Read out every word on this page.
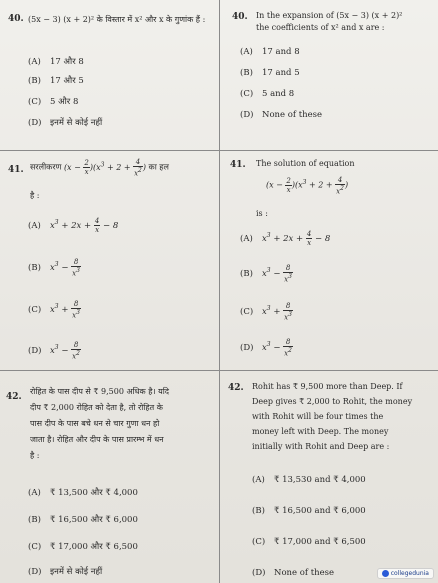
40. (5x − 3) (x + 2)² के विस्तार में x² और x के गुणांक हैं :
(A) 17 और 8
(B) 17 और 5
(C) 5 और 8
(D) इनमें से कोई नहीं
40. In the expansion of (5x − 3) (x + 2)²
the coefficients of x² and x are :
(A) 17 and 8
(B) 17 and 5
(C) 5 and 8
(D) None of these
41. सरलीकरण $(x - \frac{2}{x} )(x^3 + 2 + \frac{4}{x^2}$ ) का हल
है :
(A) $x^3 + 2x + \frac{4}{x} - 8$
(B) $x^3 - \frac{8}{x^3}$
(C) $x^3 + \frac{8}{x^3}$
(D) $x^3 - \frac{8}{x^2}$
41. The solution of equation
$(x - \frac{2}{x} )(x^3 + 2 + \frac{4}{x^2}$ )
is :
(A) $x^3 + 2x + \frac{4}{x} - 8$
(B) $x^3 - \frac{8}{x^3}$
(C) $x^3 + \frac{8}{x^3}$
(D) $x^3 - \frac{8}{x^2}$
42.
रोहित के पास दीप से ₹ 9,500 अधिक है। यदि
दीप ₹ 2,000 रोहित को देता है, तो रोहित के
पास दीप के पास बचे धन से चार गुणा धन हो
जाता है। रोहित और दीप के पास प्रारम्भ में धन
है :
(A) ₹ 13,500 और ₹ 4,000
(B) ₹ 16,500 और ₹ 6,000
(C) ₹ 17,000 और ₹ 6,500
(D) इनमें से कोई नहीं
42. Rohit has ₹ 9,500 more than Deep. If
Deep gives ₹ 2,000 to Rohit, the money
with Rohit will be four times the
money left with Deep. The money
initially with Rohit and Deep are :
(A) ₹ 13,530 and ₹ 4,000
(B) ₹ 16,500 and ₹ 6,000
(C) ₹ 17,000 and ₹ 6,500
(D) None of these	collegedunia
